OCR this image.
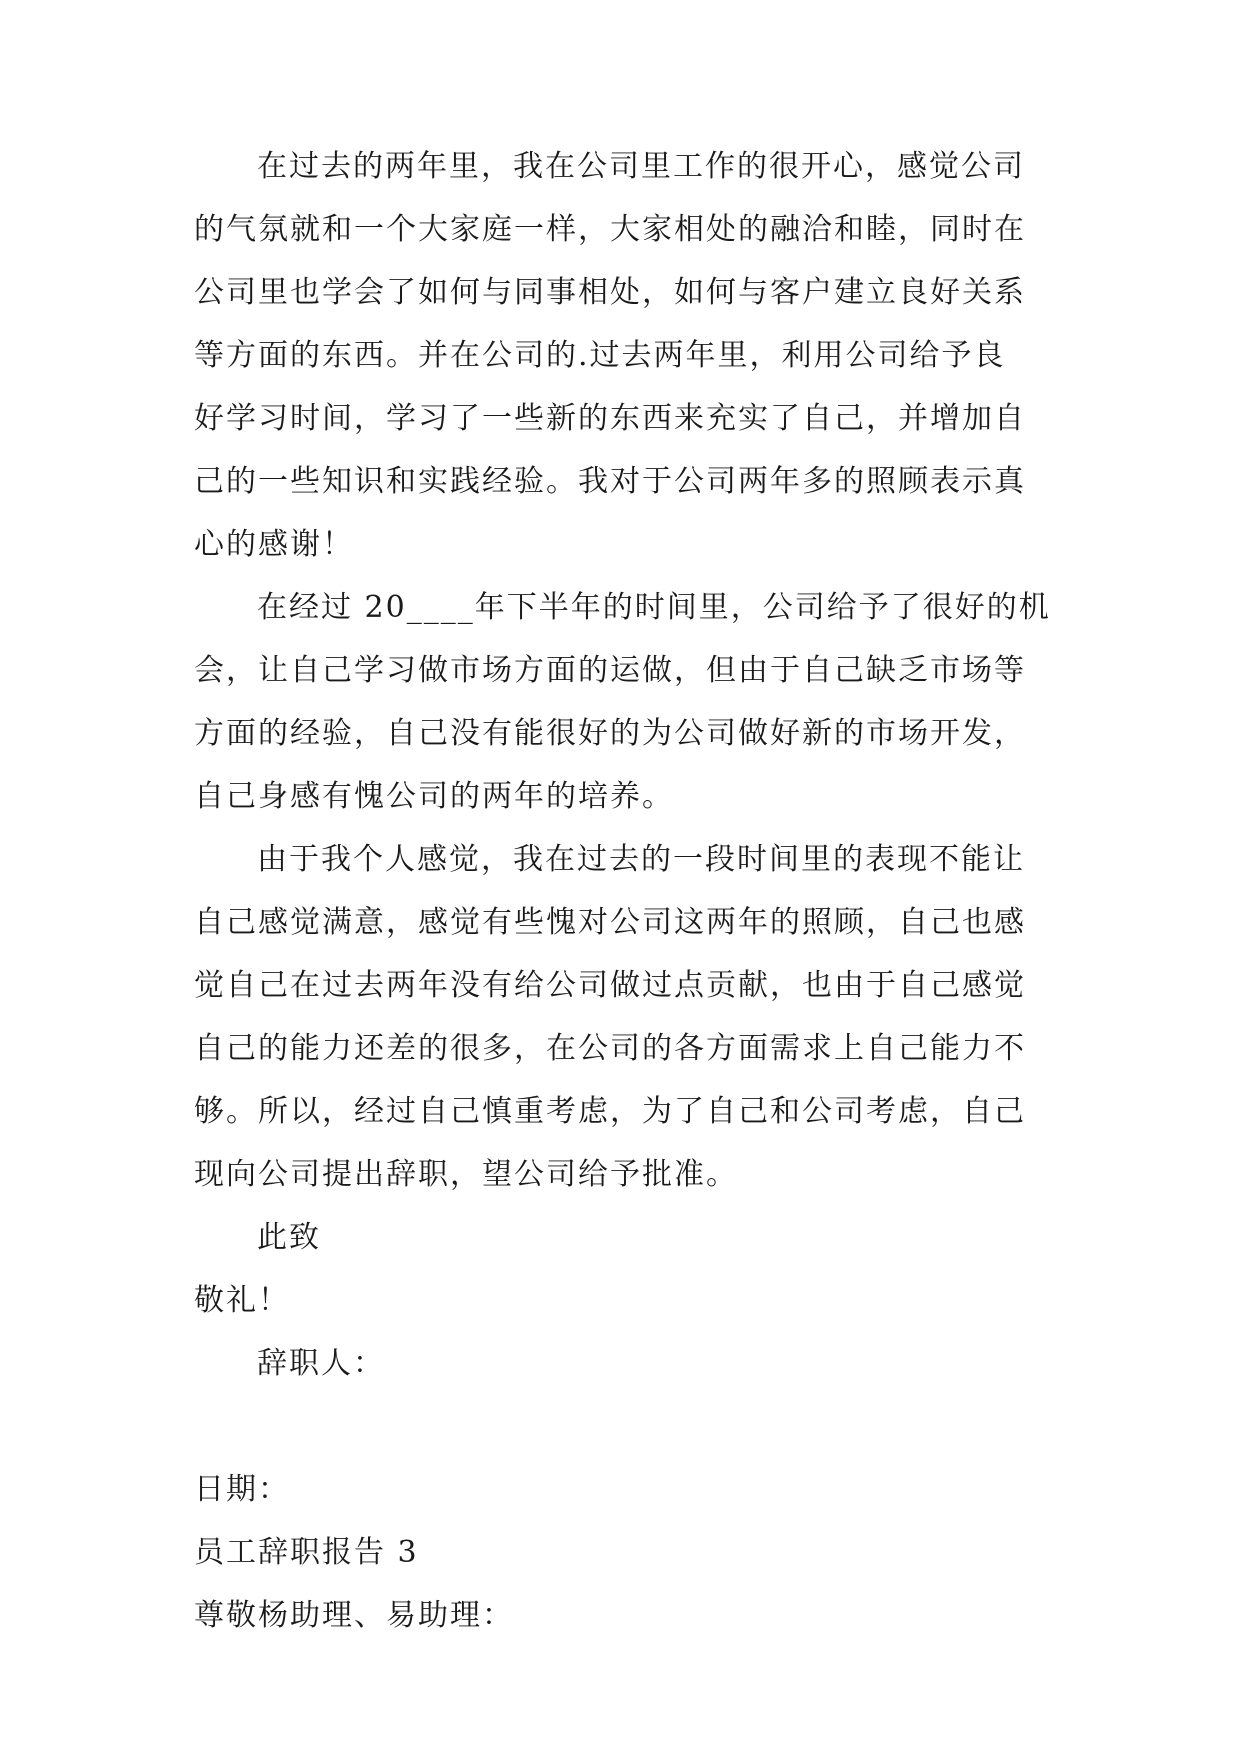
在过去的两年里，我在公司里工作的很开心，感觉公司
的气氛就和一个大家庭一样，大家相处的融洽和睦，同时在
公司里也学会了如何与同事相处，如何与客户建立良好关系
等方面的东西。并在公司的.过去两年里，利用公司给予良
好学习时间，学习了一些新的东西来充实了自己，并增加自
己的一些知识和实践经验。我对于公司两年多的照顾表示真
心的感谢！
在经过 20____年下半年的时间里，公司给予了很好的机
会，让自己学习做市场方面的运做，但由于自己缺乏市场等
方面的经验，自己没有能很好的为公司做好新的市场开发，
自己身感有愧公司的两年的培养。
由于我个人感觉，我在过去的一段时间里的表现不能让
自己感觉满意，感觉有些愧对公司这两年的照顾，自己也感
觉自己在过去两年没有给公司做过点贡献，也由于自己感觉
自己的能力还差的很多，在公司的各方面需求上自己能力不
够。所以，经过自己慎重考虑，为了自己和公司考虑，自己
现向公司提出辞职，望公司给予批准。
此致
敬礼！
辞职人：
日期：
员工辞职报告 3
尊敬杨助理、易助理：
